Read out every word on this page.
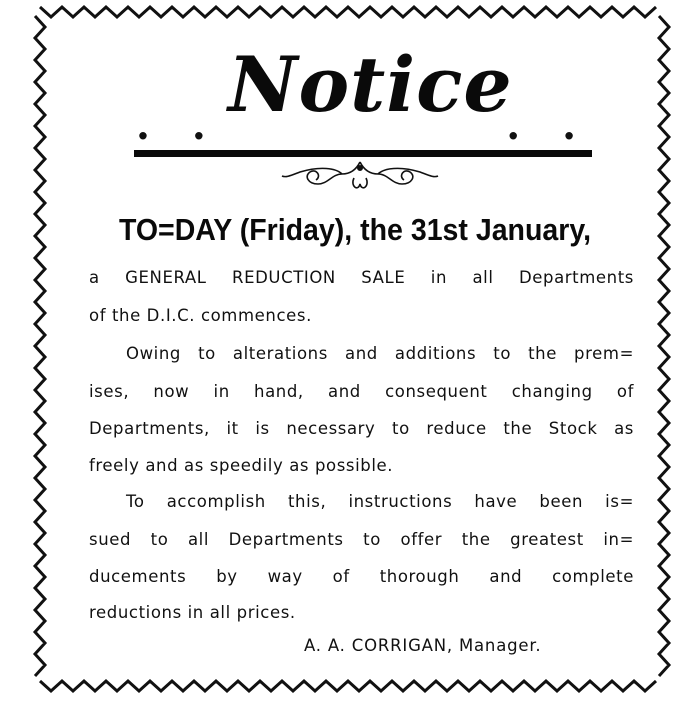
. . Notice
. .
TO=DAY (Friday), the 31st January,
a GENERAL REDUCTION SALE in all Departments
of the D.I.C. commences.
Owing to alterations and additions to the prem=
ises, now in hand, and consequent changing of
Departments, it is necessary to reduce the Stock as
freely and as speedily as possible.
To accomplish this, instructions have been is=
sued to all Departments to offer the greatest in=
ducements by way of thorough and complete
reductions in all prices.
A. A. CORRIGAN, Manager.
